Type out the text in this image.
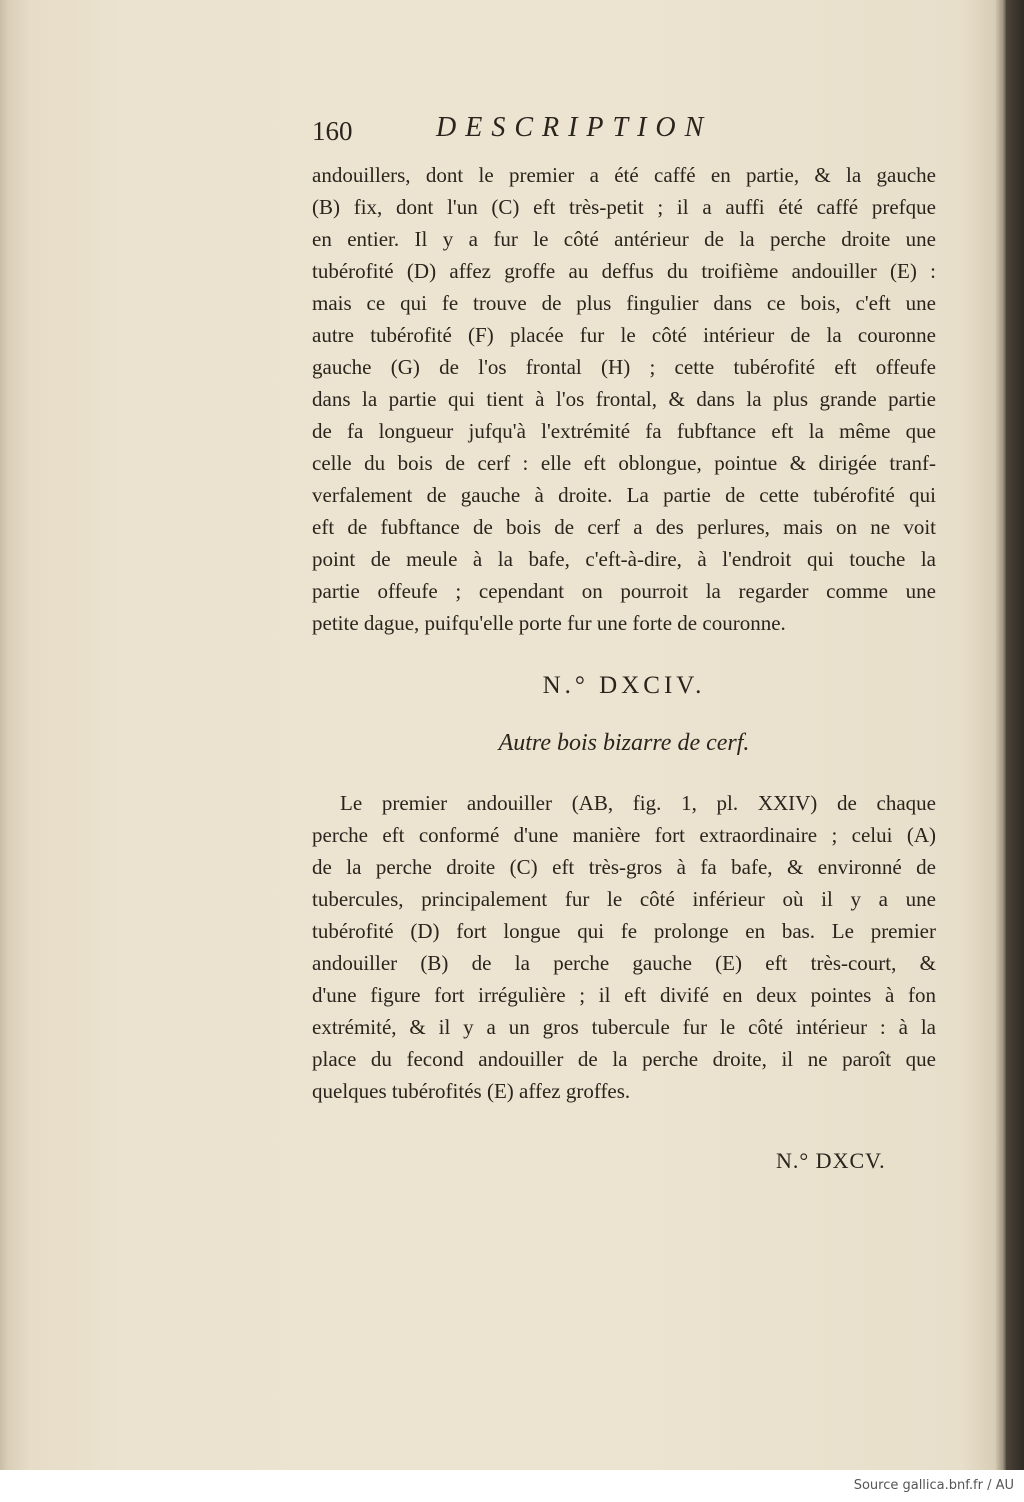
160	DESCRIPTION
andouillers, dont le premier a été caffé en partie, & la gauche
(B) fix, dont l'un (C) eft très-petit ; il a auffi été caffé prefque
en entier. Il y a fur le côté antérieur de la perche droite une
tubérofité (D) affez groffe au deffus du troifième andouiller (E) :
mais ce qui fe trouve de plus fingulier dans ce bois, c'eft une
autre tubérofité (F) placée fur le côté intérieur de la couronne
gauche (G) de l'os frontal (H) ; cette tubérofité eft offeufe
dans la partie qui tient à l'os frontal, & dans la plus grande partie
de fa longueur jufqu'à l'extrémité fa fubftance eft la même que
celle du bois de cerf : elle eft oblongue, pointue & dirigée tranf-
verfalement de gauche à droite. La partie de cette tubérofité qui
eft de fubftance de bois de cerf a des perlures, mais on ne voit
point de meule à la bafe, c'eft-à-dire, à l'endroit qui touche la
partie offeufe ; cependant on pourroit la regarder comme une
petite dague, puifqu'elle porte fur une forte de couronne.
N.° DXCIV.
Autre bois bizarre de cerf.
Le premier andouiller (AB, fig. 1, pl. XXIV) de chaque
perche eft conformé d'une manière fort extraordinaire ; celui (A)
de la perche droite (C) eft très-gros à fa bafe, & environné de
tubercules, principalement fur le côté inférieur où il y a une
tubérofité (D) fort longue qui fe prolonge en bas. Le premier
andouiller (B) de la perche gauche (E) eft très-court, &
d'une figure fort irrégulière ; il eft divifé en deux pointes à fon
extrémité, & il y a un gros tubercule fur le côté intérieur : à la
place du fecond andouiller de la perche droite, il ne paroît que
quelques tubérofités (E) affez groffes.
N.° DXCV.
Source gallica.bnf.fr / AU
